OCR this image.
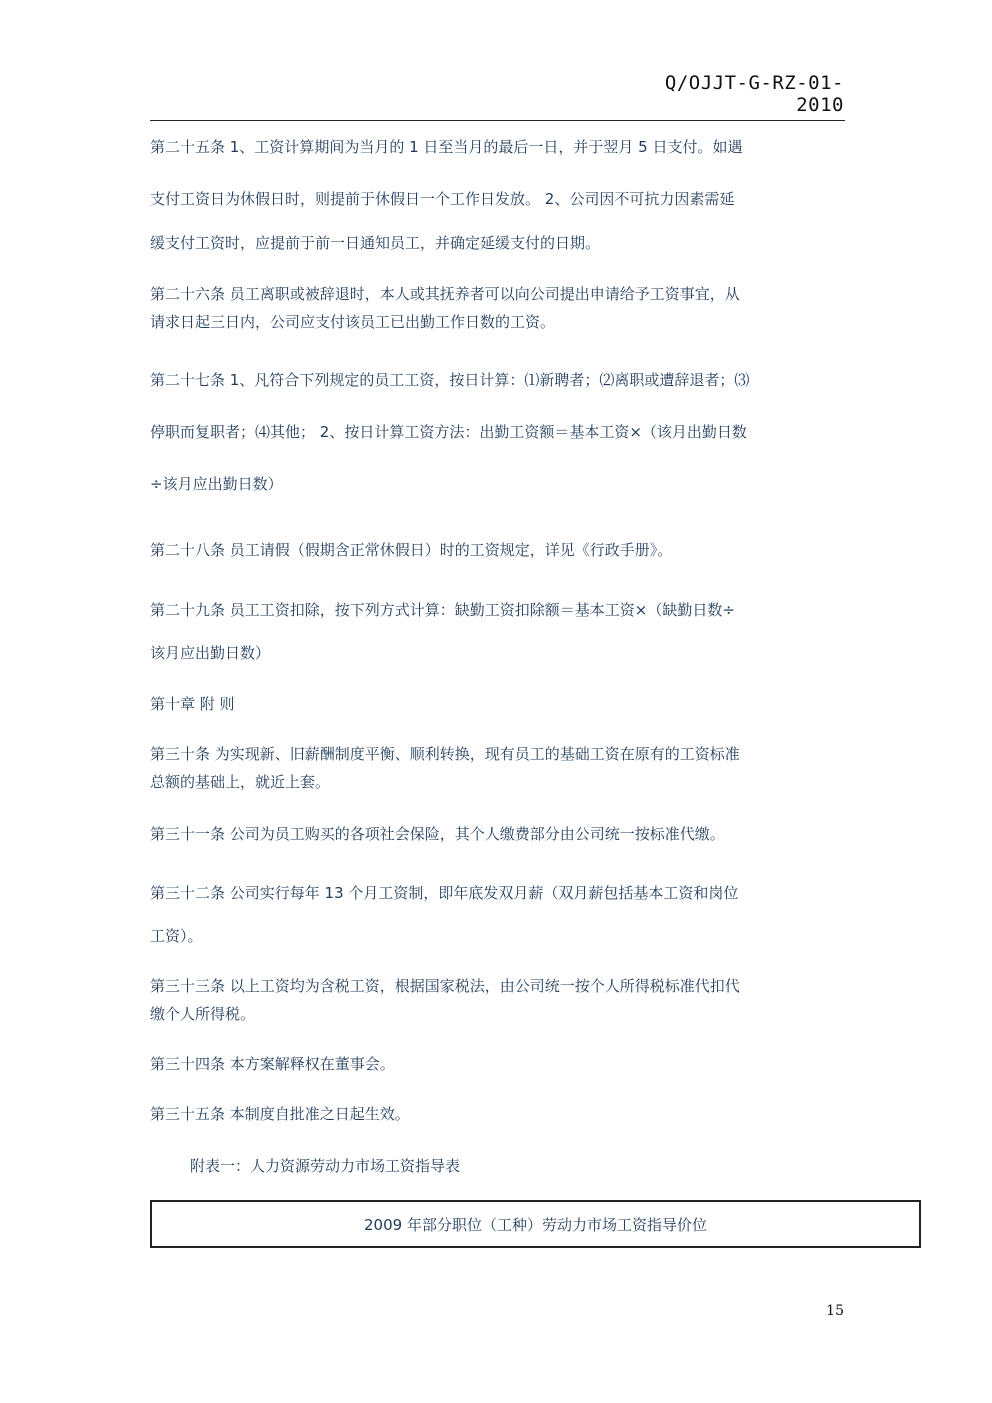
Q/OJJT-G-RZ-01-2010
第二十五条 1、工资计算期间为当月的 1 日至当月的最后一日，并于翌月 5 日支付。如遇
支付工资日为休假日时，则提前于休假日一个工作日发放。 2、公司因不可抗力因素需延
缓支付工资时，应提前于前一日通知员工，并确定延缓支付的日期。
第二十六条 员工离职或被辞退时，本人或其抚养者可以向公司提出申请给予工资事宜，从
请求日起三日内，公司应支付该员工已出勤工作日数的工资。
第二十七条 1、凡符合下列规定的员工工资，按日计算：⑴新聘者；⑵离职或遭辞退者；⑶
停职而复职者；⑷其他； 2、按日计算工资方法：出勤工资额＝基本工资×（该月出勤日数
÷该月应出勤日数）
第二十八条 员工请假（假期含正常休假日）时的工资规定，详见《行政手册》。
第二十九条 员工工资扣除，按下列方式计算：缺勤工资扣除额＝基本工资×（缺勤日数÷
该月应出勤日数）
第十章 附 则
第三十条 为实现新、旧薪酬制度平衡、顺利转换，现有员工的基础工资在原有的工资标准
总额的基础上，就近上套。
第三十一条 公司为员工购买的各项社会保险，其个人缴费部分由公司统一按标准代缴。
第三十二条 公司实行每年 13 个月工资制，即年底发双月薪（双月薪包括基本工资和岗位
工资）。
第三十三条 以上工资均为含税工资，根据国家税法，由公司统一按个人所得税标准代扣代
缴个人所得税。
第三十四条 本方案解释权在董事会。
第三十五条 本制度自批准之日起生效。
附表一：人力资源劳动力市场工资指导表
2009 年部分职位（工种）劳动力市场工资指导价位
15
